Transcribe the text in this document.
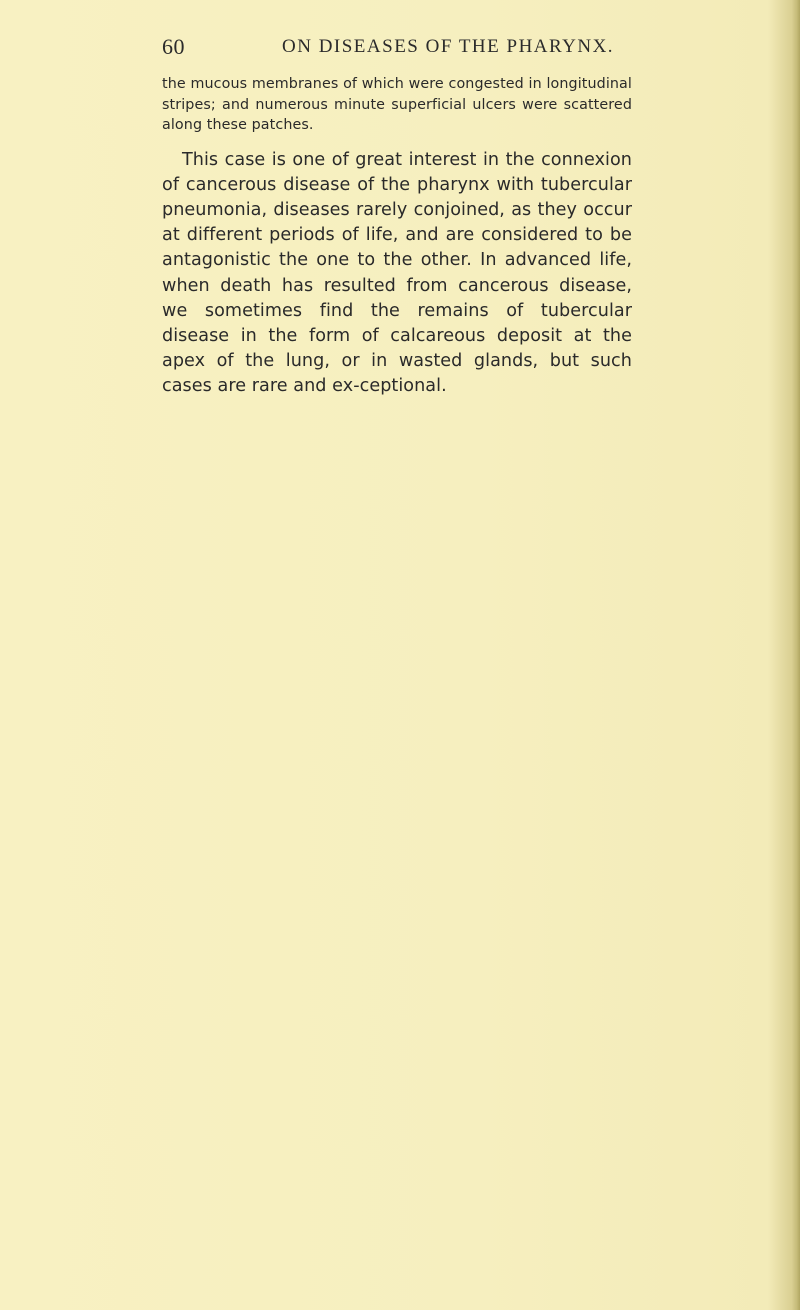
60	ON DISEASES OF THE PHARYNX.

the mucous membranes of which were congested in longitudinal stripes; and numerous minute superficial ulcers were scattered along these patches.

This case is one of great interest in the connexion of cancerous disease of the pharynx with tubercular pneumonia, diseases rarely conjoined, as they occur at different periods of life, and are considered to be antagonistic the one to the other. In advanced life, when death has resulted from cancerous disease, we sometimes find the remains of tubercular disease in the form of calcareous deposit at the apex of the lung, or in wasted glands, but such cases are rare and ex-ceptional.
